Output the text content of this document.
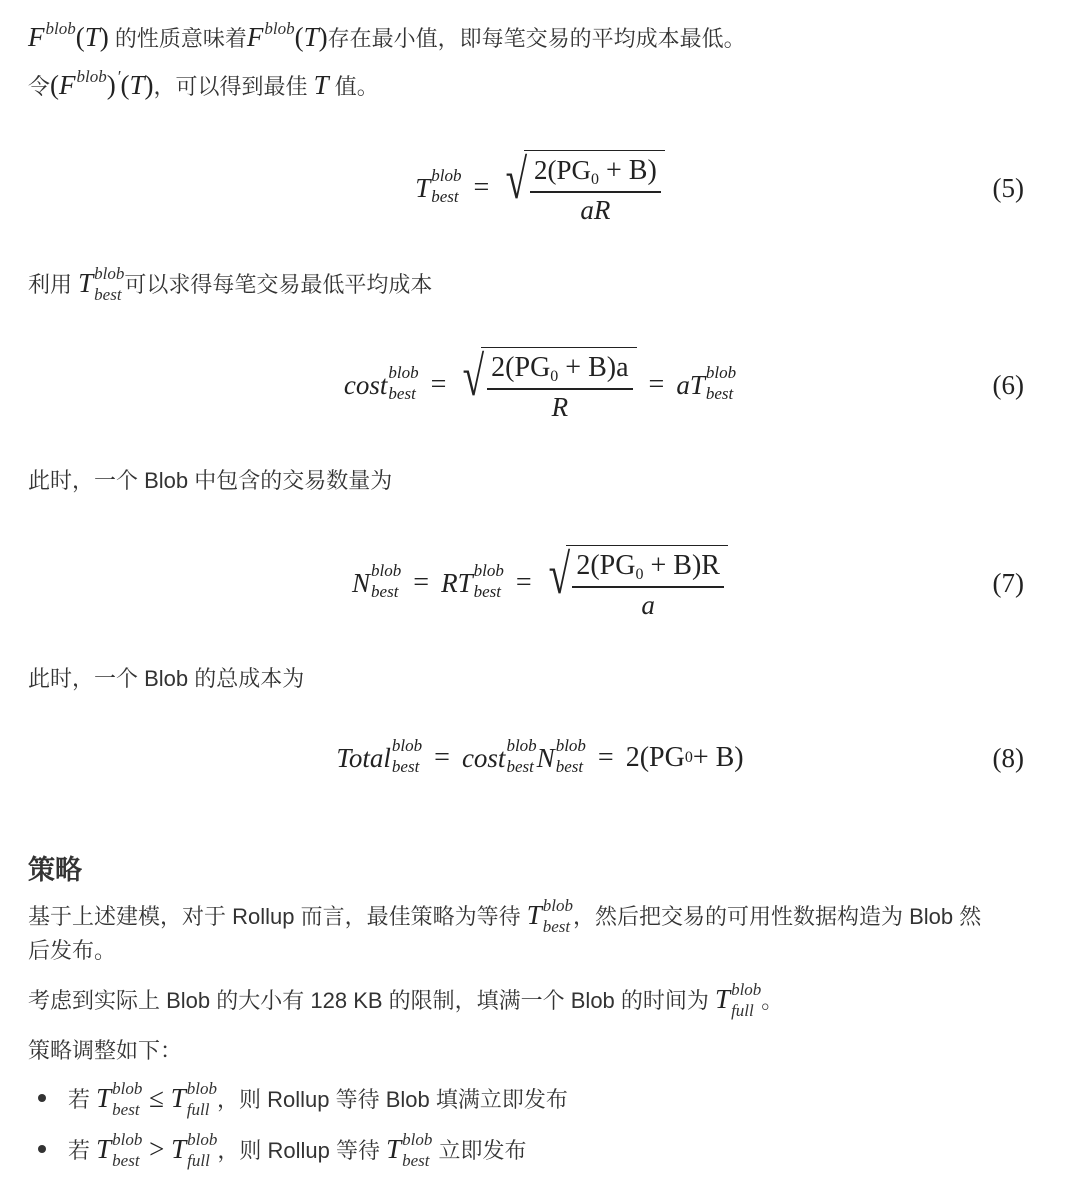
$F^{blob}(T)$ 的性质意味着$F^{blob}(T)$存在最小值，即每笔交易的平均成本最低。
令$(F^{blob})'(T)$，可以得到最佳 T 值。
T blob
best = √ $\frac{2(PG_0 + B)}{aR}$	(5)
利用 T blob
best 可以求得每笔交易最低平均成本
cost blob
best = √ $\frac{2(PG_0 + B)a}{R}$ = aT blob
best	(6)
此时，一个 Blob 中包含的交易数量为
N blob
best = RT blob
best = √ $\frac{2(PG_0 + B)R}{a}$	(7)
此时，一个 Blob 的总成本为
Total blob
best = cost blob
best N blob
best = 2(PG 0 + B)	(8)
策略
基于上述建模，对于 Rollup 而言，最佳策略为等待 T blob
best ，然后把交易的可用性数据构造为 Blob 然
后发布。
考虑到实际上 Blob 的大小有 128 KB 的限制，填满一个 Blob 的时间为 T blob
full 。
策略调整如下：
若 T blob
best ≤ T blob
full ，则 Rollup 等待 Blob 填满立即发布
若 T blob
best > T blob
full ，则 Rollup 等待 T blob
best 立即发布
